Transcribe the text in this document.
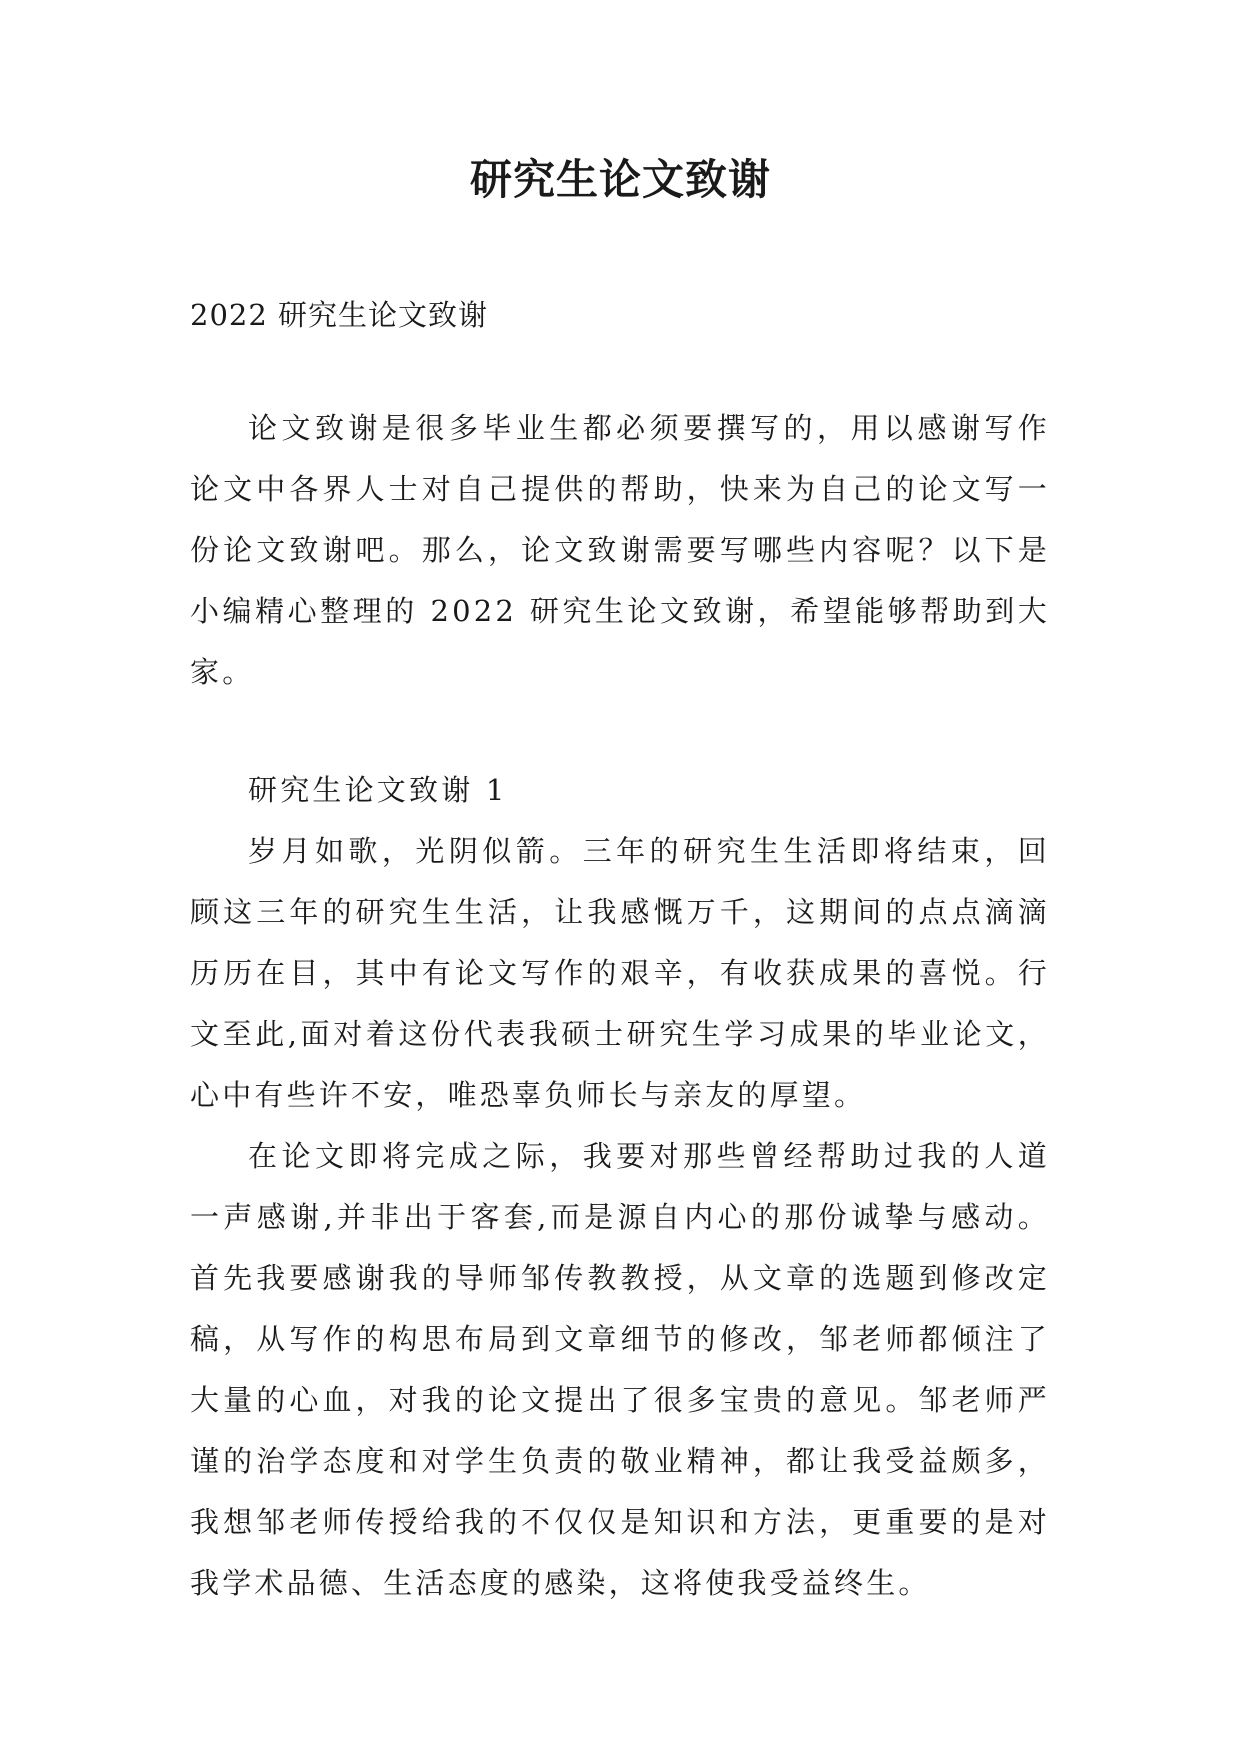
研究生论文致谢
2022 研究生论文致谢

论文致谢是很多毕业生都必须要撰写的，用以感谢写作论文中各界人士对自己提供的帮助，快来为自己的论文写一份论文致谢吧。那么，论文致谢需要写哪些内容呢？以下是小编精心整理的 2022 研究生论文致谢，希望能够帮助到大家。

研究生论文致谢 1

岁月如歌，光阴似箭。三年的研究生生活即将结束，回顾这三年的研究生生活，让我感慨万千，这期间的点点滴滴历历在目，其中有论文写作的艰辛，有收获成果的喜悦。行文至此,面对着这份代表我硕士研究生学习成果的毕业论文，心中有些许不安，唯恐辜负师长与亲友的厚望。

在论文即将完成之际，我要对那些曾经帮助过我的人道一声感谢,并非出于客套,而是源自内心的那份诚挚与感动。首先我要感谢我的导师邹传教教授，从文章的选题到修改定稿，从写作的构思布局到文章细节的修改，邹老师都倾注了大量的心血，对我的论文提出了很多宝贵的意见。邹老师严谨的治学态度和对学生负责的敬业精神，都让我受益颇多，我想邹老师传授给我的不仅仅是知识和方法，更重要的是对我学术品德、生活态度的感染，这将使我受益终生。
